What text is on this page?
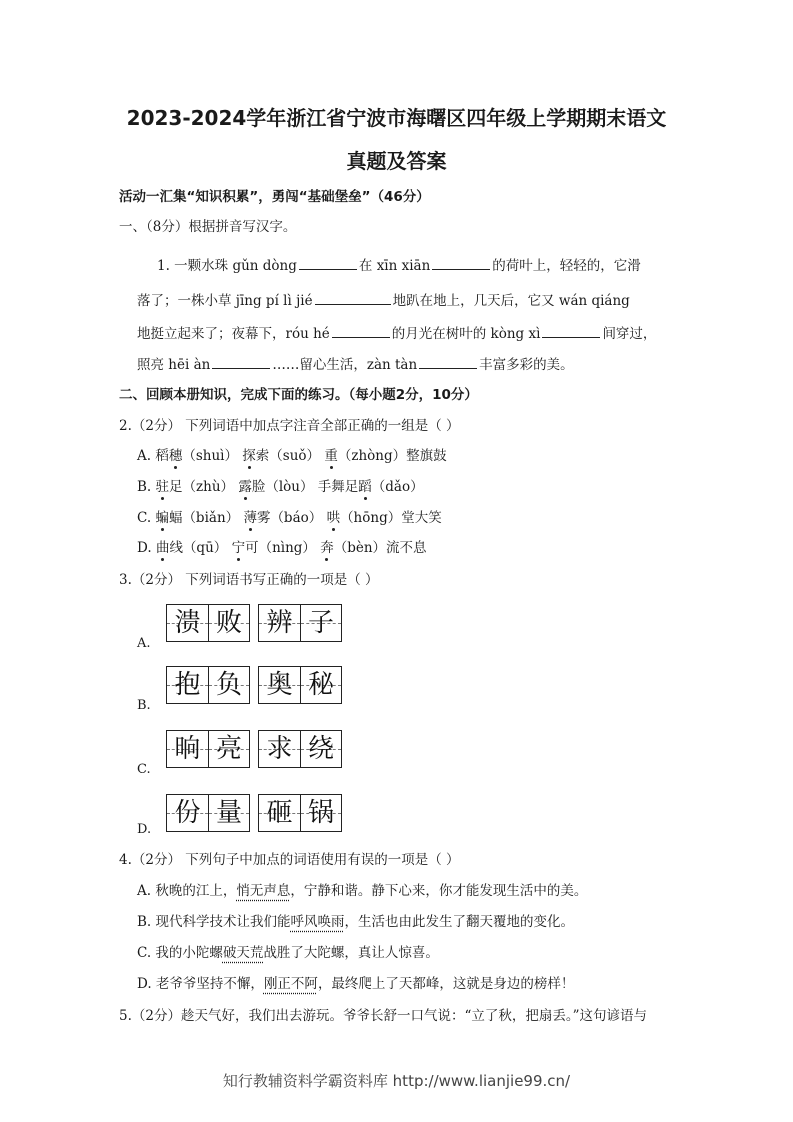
2023-2024学年浙江省宁波市海曙区四年级上学期期末语文
真题及答案
活动一汇集“知识积累”，勇闯“基础堡垒”（46分）
一、（8分）根据拼音写汉字。
1. 一颗水珠 gǔn dòng	在 xīn xiān	的荷叶上，轻轻的，它滑
落了；一株小草 jīng pí lì jié	地趴在地上，几天后，它又 wán qiáng
地挺立起来了；夜幕下，róu hé	的月光在树叶的 kòng xì	间穿过，
照亮 hēi àn	……留心生活，zàn tàn	丰富多彩的美。
二、回顾本册知识，完成下面的练习。（每小题2分，10分）
2.（2分） 下列词语中加点字注音全部正确的一组是（ ）
A. 稻穗（shuì） 探索（suǒ） 重（zhòng）整旗鼓
B. 驻足（zhù） 露脸（lòu） 手舞足蹈（dǎo）
C. 蝙蝠（biǎn） 薄雾（báo） 哄（hōng）堂大笑
D. 曲线（qū） 宁可（nìng） 奔（bèn）流不息
3.（2分） 下列词语书写正确的一项是（ ）
A.
溃 败 辨 子
B.
抱 负 奥 秘
C.
晌 亮 求 绕
D.
份 量 砸 锅
4.（2分） 下列句子中加点的词语使用有误的一项是（ ）
A. 秋晚的江上，悄无声息，宁静和谐。静下心来，你才能发现生活中的美。
B. 现代科学技术让我们能呼风唤雨，生活也由此发生了翻天覆地的变化。
C. 我的小陀螺破天荒战胜了大陀螺，真让人惊喜。
D. 老爷爷坚持不懈，刚正不阿，最终爬上了天都峰，这就是身边的榜样！
5.（2分）趁天气好，我们出去游玩。爷爷长舒一口气说：“立了秋，把扇丢。”这句谚语与
知行教辅资料学霸资料库 http://www.lianjie99.cn/
